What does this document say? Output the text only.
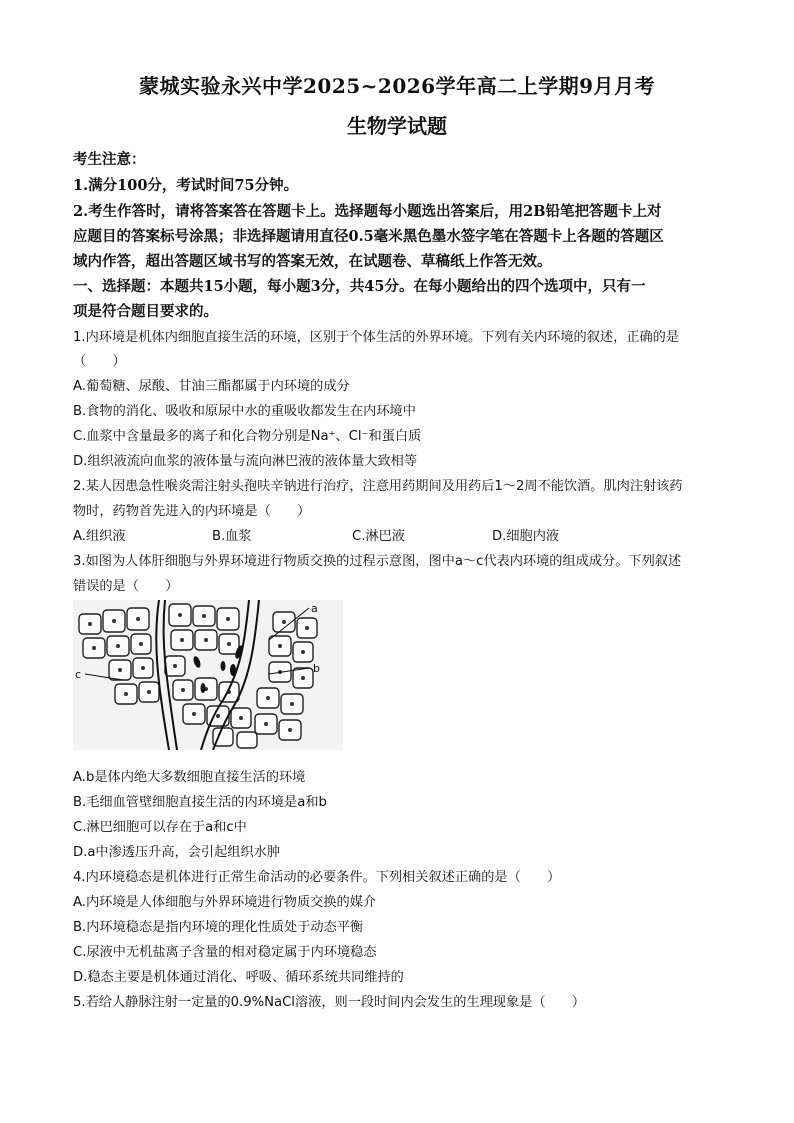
蒙城实验永兴中学2025~2026学年高二上学期9月月考
生物学试题
考生注意：
1.满分100分，考试时间75分钟。
2.考生作答时，请将答案答在答题卡上。选择题每小题选出答案后，用2B铅笔把答题卡上对
应题目的答案标号涂黑；非选择题请用直径0.5毫米黑色墨水签字笔在答题卡上各题的答题区
域内作答，超出答题区域书写的答案无效，在试题卷、草稿纸上作答无效。
一、选择题：本题共15小题，每小题3分，共45分。在每小题给出的四个选项中，只有一
项是符合题目要求的。
1.内环境是机体内细胞直接生活的环境，区别于个体生活的外界环境。下列有关内环境的叙述，正确的是
（　　）
A.葡萄糖、尿酸、甘油三酯都属于内环境的成分
B.食物的消化、吸收和原尿中水的重吸收都发生在内环境中
C.血浆中含量最多的离子和化合物分别是Na⁺、Cl⁻和蛋白质
D.组织液流向血浆的液体量与流向淋巴液的液体量大致相等
2.某人因患急性喉炎需注射头孢呋辛钠进行治疗，注意用药期间及用药后1～2周不能饮酒。肌肉注射该药
物时，药物首先进入的内环境是（　　）
A.组织液	B.血浆	C.淋巴液	D.细胞内液
3.如图为人体肝细胞与外界环境进行物质交换的过程示意图，图中a～c代表内环境的组成成分。下列叙述
错误的是（　　）
a
b
c
A.b是体内绝大多数细胞直接生活的环境
B.毛细血管壁细胞直接生活的内环境是a和b
C.淋巴细胞可以存在于a和c中
D.a中渗透压升高，会引起组织水肿
4.内环境稳态是机体进行正常生命活动的必要条件。下列相关叙述正确的是（　　）
A.内环境是人体细胞与外界环境进行物质交换的媒介
B.内环境稳态是指内环境的理化性质处于动态平衡
C.尿液中无机盐离子含量的相对稳定属于内环境稳态
D.稳态主要是机体通过消化、呼吸、循环系统共同维持的
5.若给人静脉注射一定量的0.9%NaCl溶液，则一段时间内会发生的生理现象是（　　）
